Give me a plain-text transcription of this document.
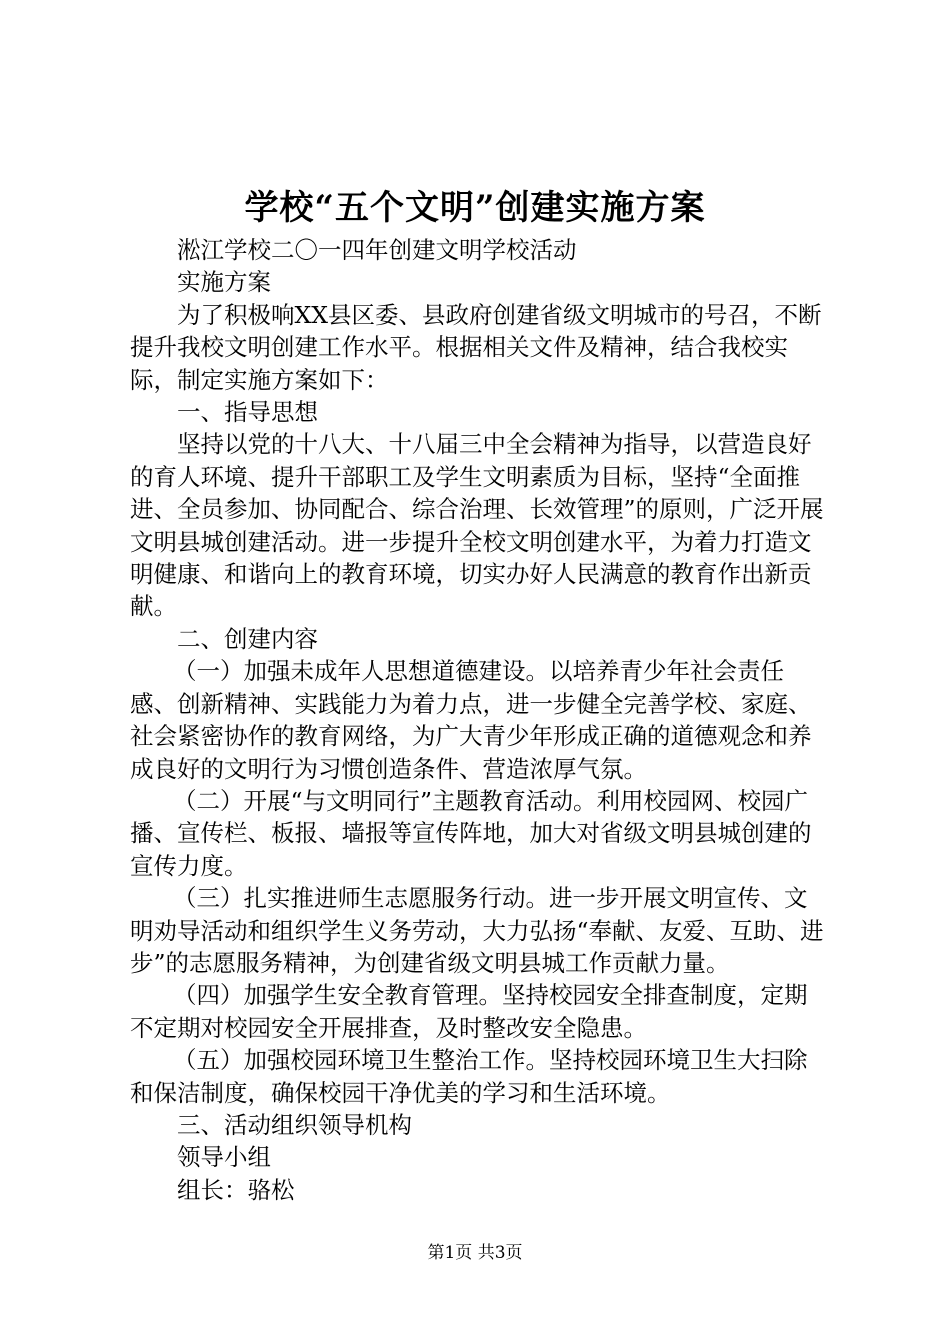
学校“五个文明”创建实施方案

淞江学校二〇一四年创建文明学校活动

实施方案

为了积极响XX县区委、县政府创建省级文明城市的号召，不断提升我校文明创建工作水平。根据相关文件及精神，结合我校实际，制定实施方案如下：

一、指导思想

坚持以党的十八大、十八届三中全会精神为指导，以营造良好的育人环境、提升干部职工及学生文明素质为目标，坚持“全面推进、全员参加、协同配合、综合治理、长效管理”的原则，广泛开展文明县城创建活动。进一步提升全校文明创建水平，为着力打造文明健康、和谐向上的教育环境，切实办好人民满意的教育作出新贡献。

二、创建内容

（一）加强未成年人思想道德建设。以培养青少年社会责任感、创新精神、实践能力为着力点，进一步健全完善学校、家庭、社会紧密协作的教育网络，为广大青少年形成正确的道德观念和养成良好的文明行为习惯创造条件、营造浓厚气氛。

（二）开展“与文明同行”主题教育活动。利用校园网、校园广播、宣传栏、板报、墙报等宣传阵地，加大对省级文明县城创建的宣传力度。

（三）扎实推进师生志愿服务行动。进一步开展文明宣传、文明劝导活动和组织学生义务劳动，大力弘扬“奉献、友爱、互助、进步”的志愿服务精神，为创建省级文明县城工作贡献力量。

（四）加强学生安全教育管理。坚持校园安全排查制度，定期不定期对校园安全开展排查，及时整改安全隐患。

（五）加强校园环境卫生整治工作。坚持校园环境卫生大扫除和保洁制度，确保校园干净优美的学习和生活环境。

三、活动组织领导机构

领导小组

组长：骆松

第1页 共3页
